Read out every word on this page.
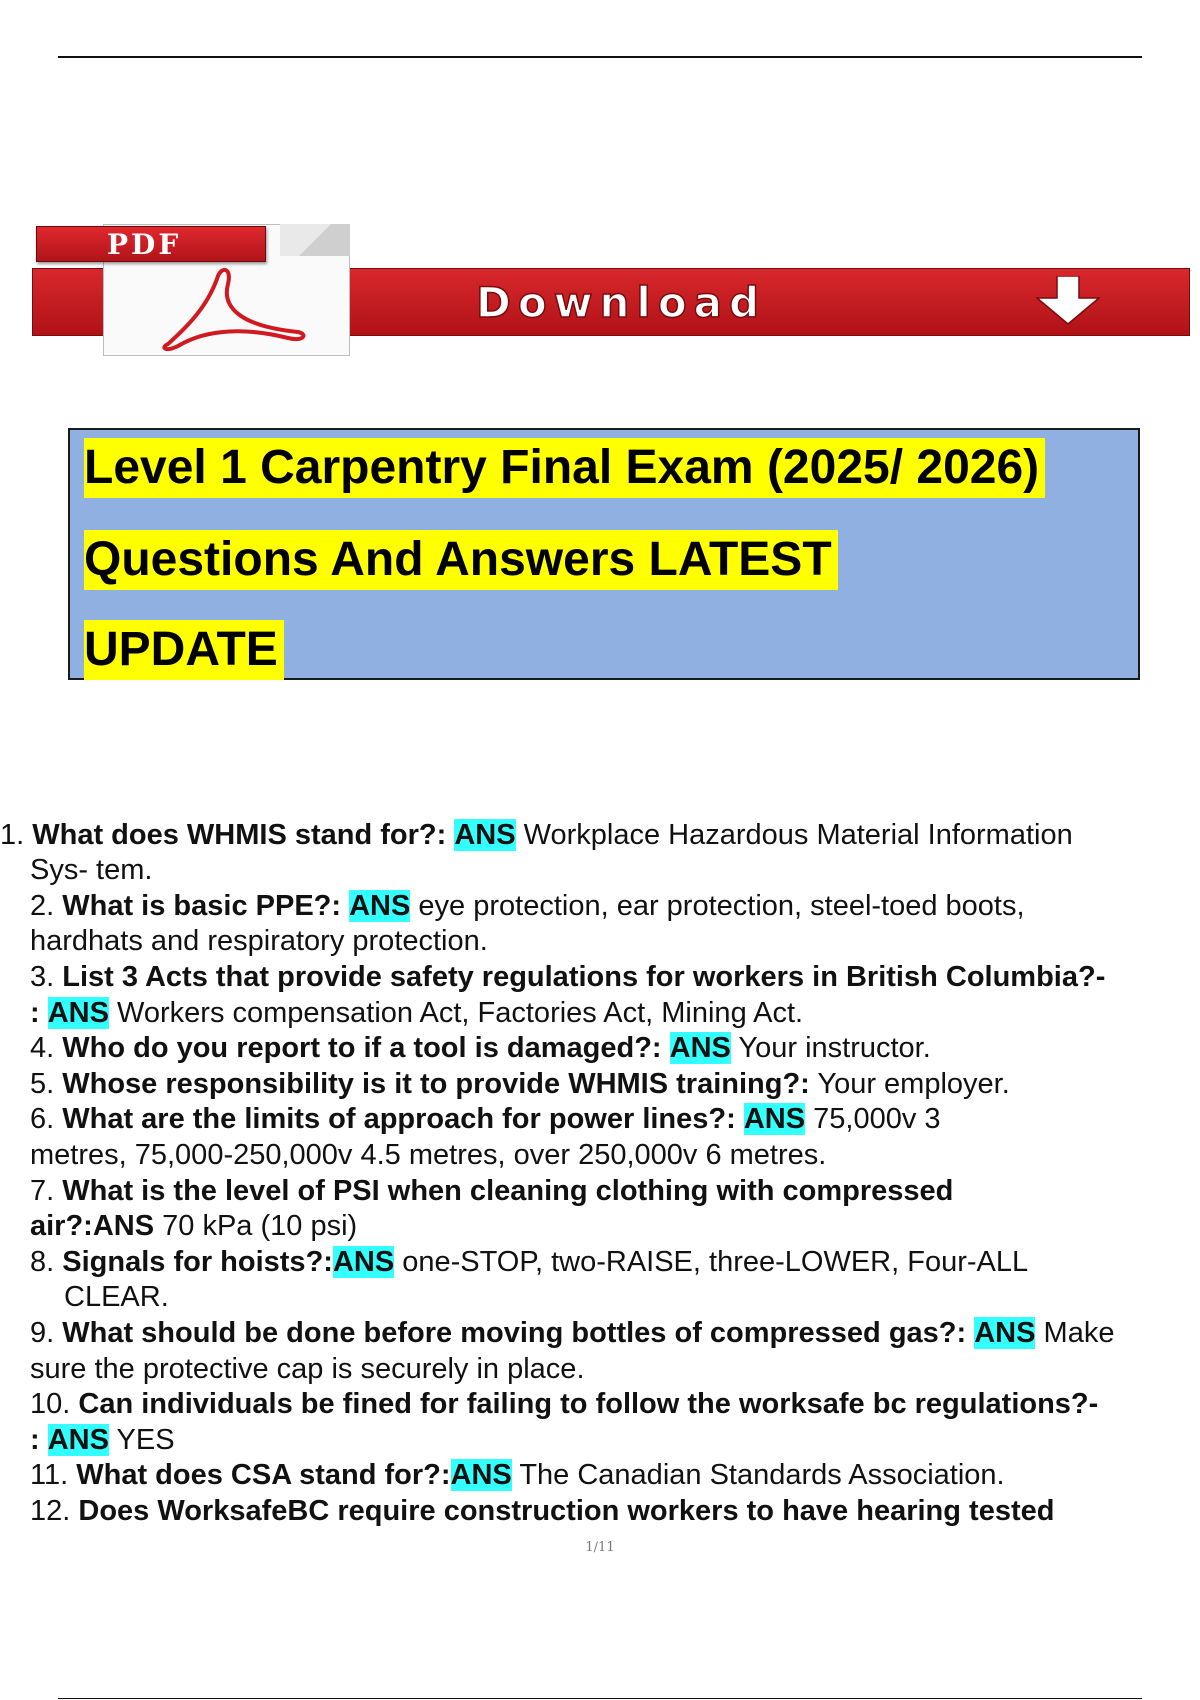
PDF
Download
Level 1 Carpentry Final Exam (2025/ 2026)
Questions And Answers LATEST
UPDATE
1. What does WHMIS stand for?: ANS Workplace Hazardous Material Information
Sys- tem.
2. What is basic PPE?: ANS eye protection, ear protection, steel-toed boots,
hardhats and respiratory protection.
3. List 3 Acts that provide safety regulations for workers in British Columbia?-
: ANS Workers compensation Act, Factories Act, Mining Act.
4. Who do you report to if a tool is damaged?: ANS Your instructor.
5. Whose responsibility is it to provide WHMIS training?: Your employer.
6. What are the limits of approach for power lines?: ANS 75,000v 3
metres, 75,000-250,000v 4.5 metres, over 250,000v 6 metres.
7. What is the level of PSI when cleaning clothing with compressed
air?:ANS 70 kPa (10 psi)
8. Signals for hoists?:ANS one-STOP, two-RAISE, three-LOWER, Four-ALL
CLEAR.
9. What should be done before moving bottles of compressed gas?: ANS Make
sure the protective cap is securely in place.
10. Can individuals be fined for failing to follow the worksafe bc regulations?-
: ANS YES
11. What does CSA stand for?:ANS The Canadian Standards Association.
12. Does WorksafeBC require construction workers to have hearing tested
1/11
